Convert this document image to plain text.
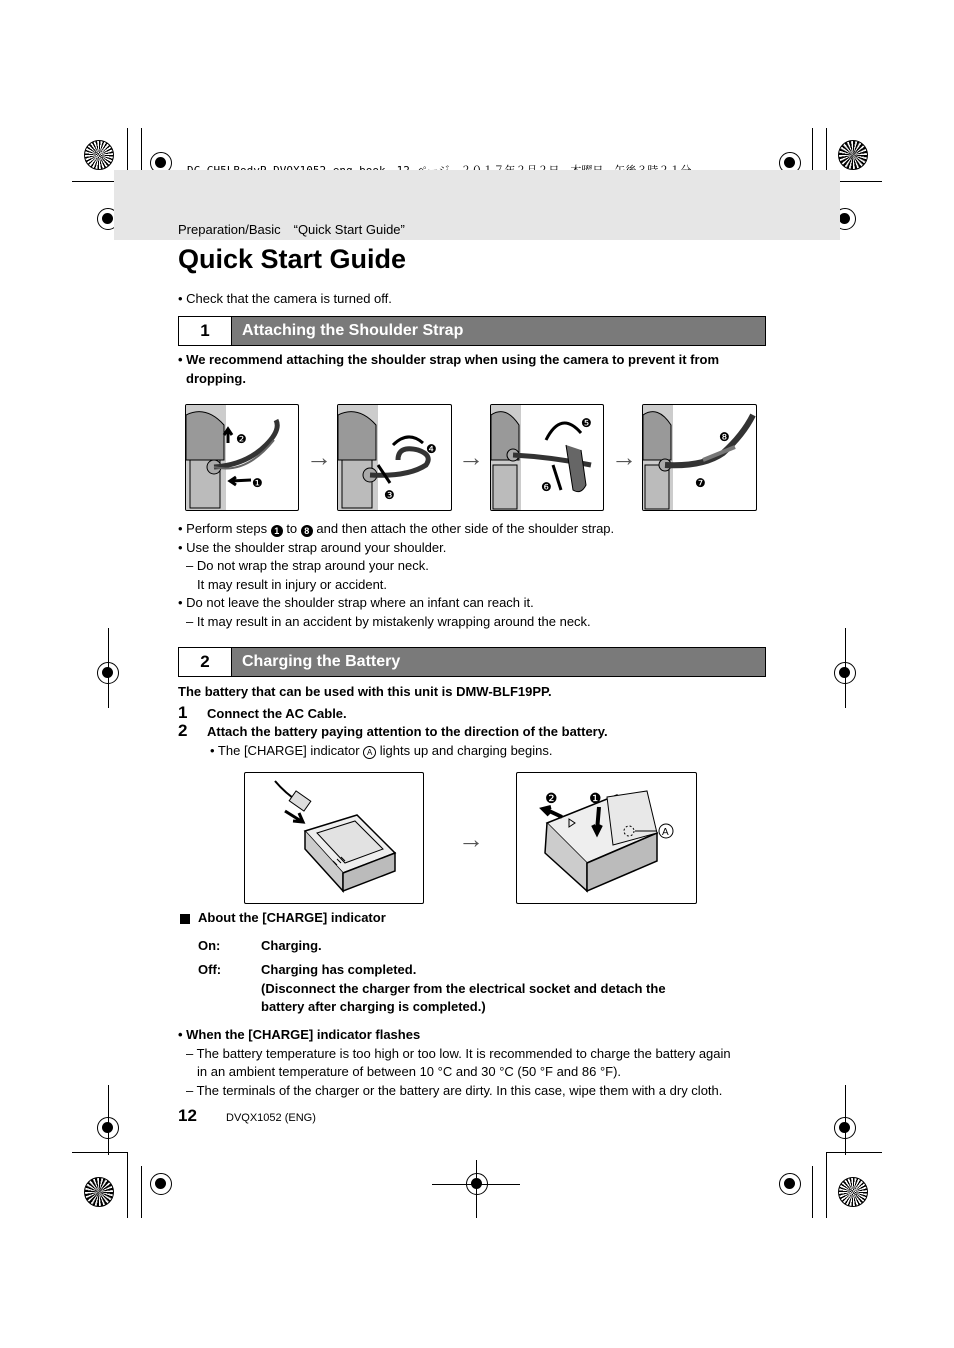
Preparation/Basic　“Quick Start Guide”
Quick Start Guide
• Check that the camera is turned off.
1	Attaching the Shoulder Strap
• We recommend attaching the shoulder strap when using the camera to prevent it from
dropping.
❷
❶
→	❹
❸
→
❺
❻
→
❽
❼
• Perform steps 1 to 8 and then attach the other side of the shoulder strap.
• Use the shoulder strap around your shoulder.
– Do not wrap the strap around your neck.
It may result in injury or accident.
• Do not leave the shoulder strap where an infant can reach it.
– It may result in an accident by mistakenly wrapping around the neck.
2	Charging the Battery
The battery that can be used with this unit is DMW-BLF19PP.
1 Connect the AC Cable.
2 Attach the battery paying attention to the direction of the battery.
• The [CHARGE] indicator A lights up and charging begins.
→
❶
❷
A
About the [CHARGE] indicator
On:	Charging.
Off:	Charging has completed.
(Disconnect the charger from the electrical socket and detach the
battery after charging is completed.)
• When the [CHARGE] indicator flashes
– The battery temperature is too high or too low. It is recommended to charge the battery again
in an ambient temperature of between 10 °C and 30 °C (50 °F and 86 °F).
– The terminals of the charger or the battery are dirty. In this case, wipe them with a dry cloth.
12	DVQX1052 (ENG)
